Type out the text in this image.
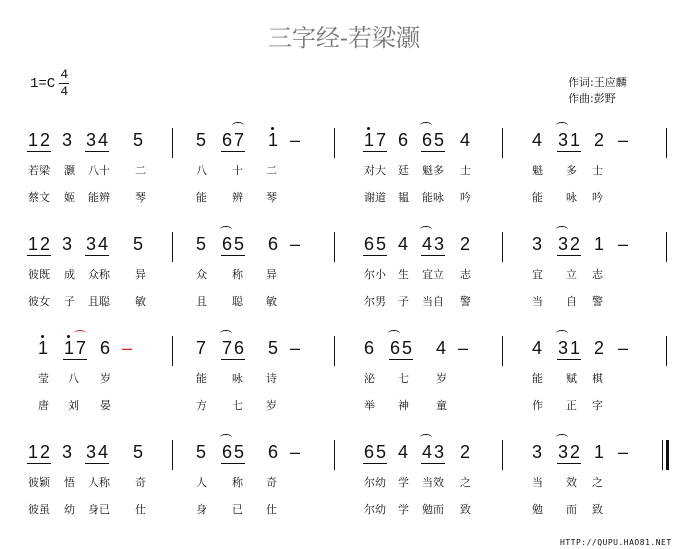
三字经-若梁灏
1=C
4
4
作词: 王应麟
作曲: 彭野
1 2 3 3 4 5	5 6 7 1 –	1 7 6 6 5 4	4 3 1 2 –
若梁 灏 八十 二	八 十 二	对大 廷 魁多 士	魁 多 士
蔡文 姬 能辨 琴	能 辨 琴	谢道 韫 能咏 吟	能 咏 吟
1 2 3 3 4 5	5 6 5 6 –	6 5 4 4 3 2	3 3 2 1 –
彼既 成 众称 异	众 称 异	尔小 生 宜立 志	宜 立 志
彼女 子 且聪 敏	且 聪 敏	尔男 子 当自 警	当 自 警
1 1 7 6 –	7 7 6 5 –	6 6 5 4 –	4 3 1 2 –
莹 八 岁	能 咏 诗	泌 七 岁	能 赋 棋
唐 刘 晏	方 七 岁	举 神 童	作 正 字
1 2 3 3 4 5	5 6 5 6 –	6 5 4 4 3 2	3 3 2 1 –
彼颖 悟 人称 奇	人 称 奇	尔幼 学 当效 之	当 效 之
彼虽 幼 身已 仕	身 已 仕	尔幼 学 勉而 致	勉 而 致
HTTP://QUPU.HAO81.NET
